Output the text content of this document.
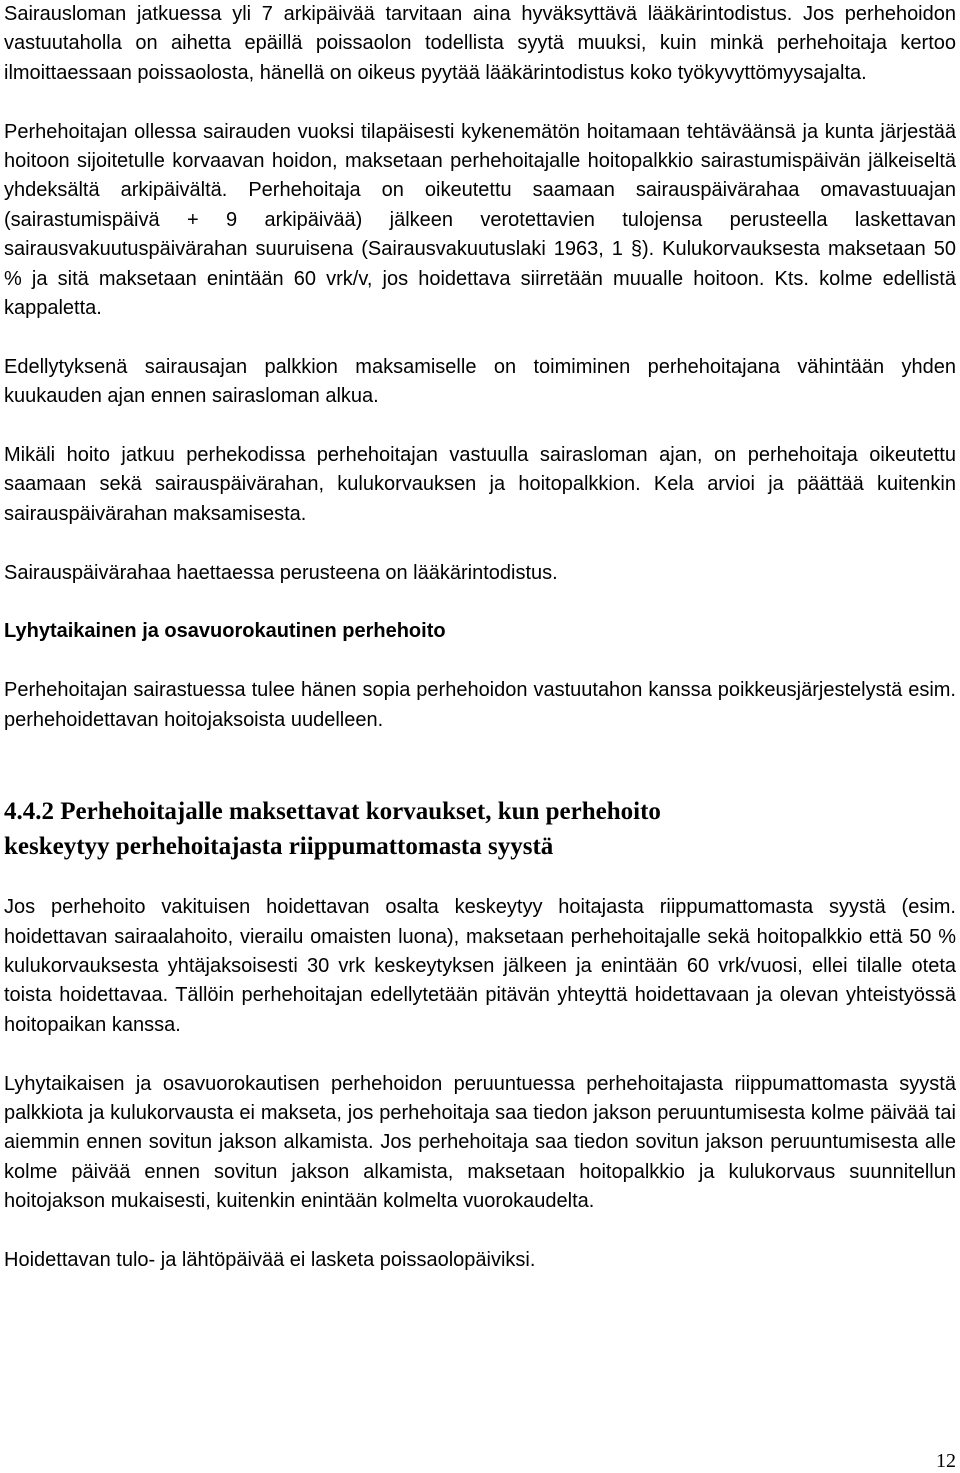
Sairausloman jatkuessa yli 7 arkipäivää tarvitaan aina hyväksyttävä lääkärintodistus. Jos perhehoidon vastuutaholla on aihetta epäillä poissaolon todellista syytä muuksi, kuin minkä perhehoitaja kertoo ilmoittaessaan poissaolosta, hänellä on oikeus pyytää lääkärintodistus koko työkyvyttömyysajalta.

Perhehoitajan ollessa sairauden vuoksi tilapäisesti kykenemätön hoitamaan tehtäväänsä ja kunta järjestää hoitoon sijoitetulle korvaavan hoidon, maksetaan perhehoitajalle hoitopalkkio sairastumispäivän jälkeiseltä yhdeksältä arkipäivältä. Perhehoitaja on oikeutettu saamaan sairauspäivärahaa omavastuuajan (sairastumispäivä + 9 arkipäivää) jälkeen verotettavien tulojensa perusteella laskettavan sairausvakuutuspäivärahan suuruisena (Sairausvakuutuslaki 1963, 1 §). Kulukorvauksesta maksetaan 50 % ja sitä maksetaan enintään 60 vrk/v, jos hoidettava siirretään muualle hoitoon. Kts. kolme edellistä kappaletta.

Edellytyksenä sairausajan palkkion maksamiselle on toimiminen perhehoitajana vähintään yhden kuukauden ajan ennen sairasloman alkua.

Mikäli hoito jatkuu perhekodissa perhehoitajan vastuulla sairasloman ajan, on perhehoitaja oikeutettu saamaan sekä sairauspäivärahan, kulukorvauksen ja hoitopalkkion. Kela arvioi ja päättää kuitenkin sairauspäivärahan maksamisesta.

Sairauspäivärahaa haettaessa perusteena on lääkärintodistus.

Lyhytaikainen ja osavuorokautinen perhehoito

Perhehoitajan sairastuessa tulee hänen sopia perhehoidon vastuutahon kanssa poikkeusjärjestelystä esim. perhehoidettavan hoitojaksoista uudelleen.

4.4.2 Perhehoitajalle maksettavat korvaukset, kun perhehoito
keskeytyy perhehoitajasta riippumattomasta syystä

Jos perhehoito vakituisen hoidettavan osalta keskeytyy hoitajasta riippumattomasta syystä (esim. hoidettavan sairaalahoito, vierailu omaisten luona), maksetaan perhehoitajalle sekä hoitopalkkio että 50 % kulukorvauksesta yhtäjaksoisesti 30 vrk keskeytyksen jälkeen ja enintään 60 vrk/vuosi, ellei tilalle oteta toista hoidettavaa. Tällöin perhehoitajan edellytetään pitävän yhteyttä hoidettavaan ja olevan yhteistyössä hoitopaikan kanssa.

Lyhytaikaisen ja osavuorokautisen perhehoidon peruuntuessa perhehoitajasta riippumattomasta syystä palkkiota ja kulukorvausta ei makseta, jos perhehoitaja saa tiedon jakson peruuntumisesta kolme päivää tai aiemmin ennen sovitun jakson alkamista. Jos perhehoitaja saa tiedon sovitun jakson peruuntumisesta alle kolme päivää ennen sovitun jakson alkamista, maksetaan hoitopalkkio ja kulukorvaus suunnitellun hoitojakson mukaisesti, kuitenkin enintään kolmelta vuorokaudelta.

Hoidettavan tulo- ja lähtöpäivää ei lasketa poissaolopäiviksi.

12
